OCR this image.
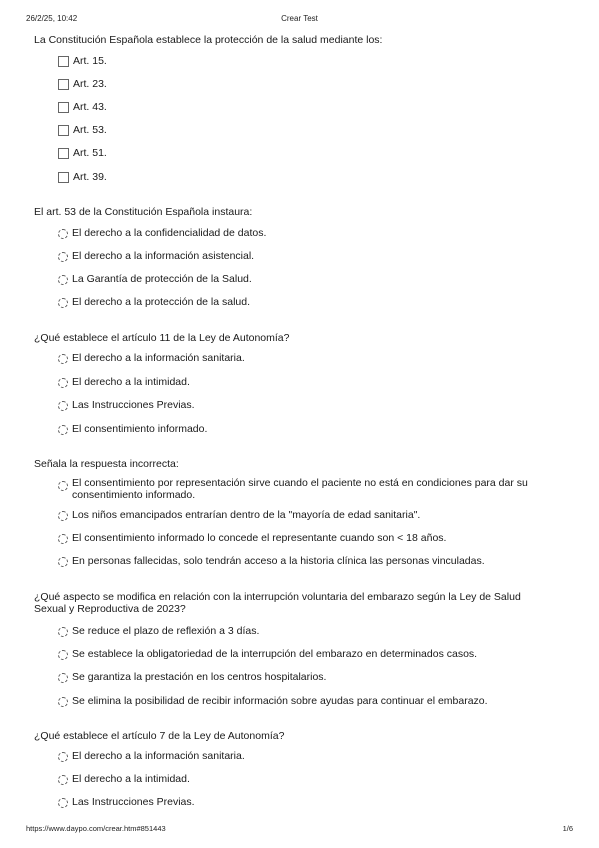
26/2/25, 10:42	Crear Test
La Constitución Española establece la protección de la salud mediante los:
Art. 15.
Art. 23.
Art. 43.
Art. 53.
Art. 51.
Art. 39.
El art. 53 de la Constitución Española instaura:
El derecho a la confidencialidad de datos.
El derecho a la información asistencial.
La Garantía de protección de la Salud.
El derecho a la protección de la salud.
¿Qué establece el artículo 11 de la Ley de Autonomía?
El derecho a la información sanitaria.
El derecho a la intimidad.
Las Instrucciones Previas.
El consentimiento informado.
Señala la respuesta incorrecta:
El consentimiento por representación sirve cuando el paciente no está en condiciones para dar su consentimiento informado.
Los niños emancipados entrarían dentro de la "mayoría de edad sanitaria".
El consentimiento informado lo concede el representante cuando son < 18 años.
En personas fallecidas, solo tendrán acceso a la historia clínica las personas vinculadas.
¿Qué aspecto se modifica en relación con la interrupción voluntaria del embarazo según la Ley de Salud Sexual y Reproductiva de 2023?
Se reduce el plazo de reflexión a 3 días.
Se establece la obligatoriedad de la interrupción del embarazo en determinados casos.
Se garantiza la prestación en los centros hospitalarios.
Se elimina la posibilidad de recibir información sobre ayudas para continuar el embarazo.
¿Qué establece el artículo 7 de la Ley de Autonomía?
El derecho a la información sanitaria.
El derecho a la intimidad.
Las Instrucciones Previas.
https://www.daypo.com/crear.htm#851443	1/6
